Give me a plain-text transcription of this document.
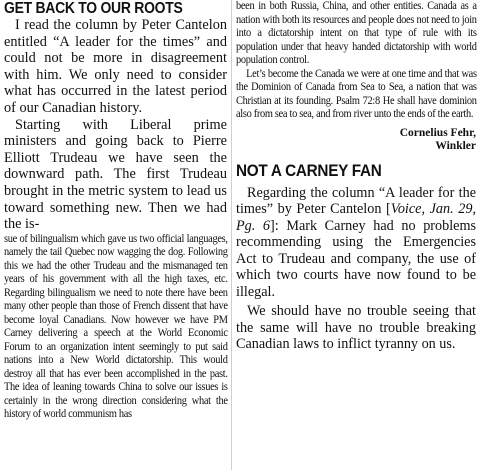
GET BACK TO OUR ROOTS

I read the column by Peter Cantelon entitled “A leader for the times” and could not be more in disagreement with him. We only need to consider what has occurred in the latest period of our Canadian history.

Starting with Liberal prime ministers and going back to Pierre Elliott Trudeau we have seen the downward path. The first Trudeau brought in the metric system to lead us toward something new. Then we had the is-

sue of bilingualism which gave us two official languages, namely the tail Quebec now wagging the dog. Following this we had the other Trudeau and the mismanaged ten years of his government with all the high taxes, etc. Regarding bilingualism we need to note there have been many other people than those of French dissent that have become loyal Canadians. Now however we have PM Carney delivering a speech at the World Economic Forum to an organization intent seemingly to put said nations into a New World dictatorship. This would destroy all that has ever been accomplished in the past. The idea of leaning towards China to solve our issues is certainly in the wrong direction considering what the history of world communism has

been in both Russia, China, and other entities. Canada as a nation with both its resources and people does not need to join into a dictatorship intent on that type of rule with its population under that heavy handed dictatorship with world population control.

Let’s become the Canada we were at one time and that was the Dominion of Canada from Sea to Sea, a nation that was Christian at its founding. Psalm 72:8 He shall have dominion also from sea to sea, and from river unto the ends of the earth.

Cornelius Fehr,

Winkler

NOT A CARNEY FAN

Regarding the column “A leader for the times” by Peter Cantelon [Voice, Jan. 29, Pg. 6]: Mark Carney had no problems recommending using the Emergencies Act to Trudeau and company, the use of which two courts have now found to be illegal.

We should have no trouble seeing that the same will have no trouble breaking Canadian laws to inflict tyranny on us.
